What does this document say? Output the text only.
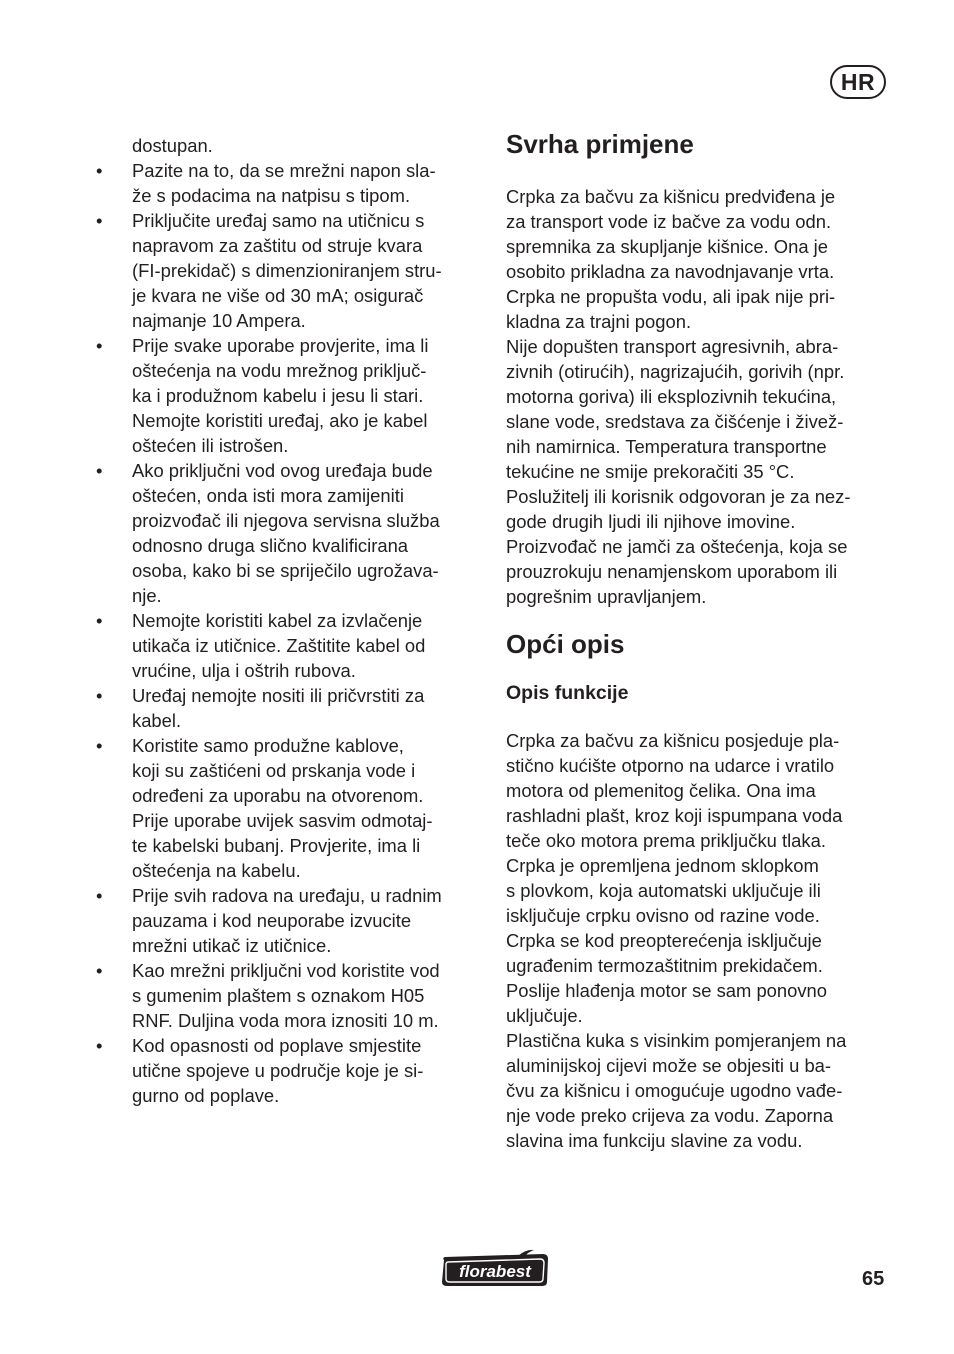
HR
dostupan.
• Pazite na to, da se mrežni napon sla-
že s podacima na natpisu s tipom.
• Priključite uređaj samo na utičnicu s
napravom za zaštitu od struje kvara
(FI-prekidač) s dimenzioniranjem stru-
je kvara ne više od 30 mA; osigurač
najmanje 10 Ampera.
• Prije svake uporabe provjerite, ima li
oštećenja na vodu mrežnog priključ-
ka i produžnom kabelu i jesu li stari.
Nemojte koristiti uređaj, ako je kabel
oštećen ili istrošen.
• Ako priključni vod ovog uređaja bude
oštećen, onda isti mora zamijeniti
proizvođač ili njegova servisna služba
odnosno druga slično kvalificirana
osoba, kako bi se spriječilo ugrožava-
nje.
• Nemojte koristiti kabel za izvlačenje
utikača iz utičnice. Zaštitite kabel od
vrućine, ulja i oštrih rubova.
• Uređaj nemojte nositi ili pričvrstiti za
kabel.
• Koristite samo produžne kablove,
koji su zaštićeni od prskanja vode i
određeni za uporabu na otvorenom.
Prije uporabe uvijek sasvim odmotaj-
te kabelski bubanj. Provjerite, ima li
oštećenja na kabelu.
• Prije svih radova na uređaju, u radnim
pauzama i kod neuporabe izvucite
mrežni utikač iz utičnice.
• Kao mrežni priključni vod koristite vod
s gumenim plaštem s oznakom H05
RNF. Duljina voda mora iznositi 10 m.
• Kod opasnosti od poplave smjestite
utične spojeve u područje koje je si-
gurno od poplave.
Svrha primjene

Crpka za bačvu za kišnicu predviđena je
za transport vode iz bačve za vodu odn.
spremnika za skupljanje kišnice. Ona je
osobito prikladna za navodnjavanje vrta.
Crpka ne propušta vodu, ali ipak nije pri-
kladna za trajni pogon.

Nije dopušten transport agresivnih, abra-
zivnih (otirućih), nagrizajućih, gorivih (npr.
motorna goriva) ili eksplozivnih tekućina,
slane vode, sredstava za čišćenje i živež-
nih namirnica. Temperatura transportne
tekućine ne smije prekoračiti 35 °C.

Poslužitelj ili korisnik odgovoran je za nez-
gode drugih ljudi ili njihove imovine.

Proizvođač ne jamči za oštećenja, koja se
prouzrokuju nenamjenskom uporabom ili
pogrešnim upravljanjem.

Opći opis
Opis funkcije

Crpka za bačvu za kišnicu posjeduje pla-
stično kućište otporno na udarce i vratilo
motora od plemenitog čelika. Ona ima
rashladni plašt, kroz koji ispumpana voda
teče oko motora prema priključku tlaka.

Crpka je opremljena jednom sklopkom
s plovkom, koja automatski uključuje ili
isključuje crpku ovisno od razine vode.

Crpka se kod preopterećenja isključuje
ugrađenim termozaštitnim prekidačem.
Poslije hlađenja motor se sam ponovno
uključuje.

Plastična kuka s visinkim pomjeranjem na
aluminijskoj cijevi može se objesiti u ba-
čvu za kišnicu i omogućuje ugodno vađe-
nje vode preko crijeva za vodu. Zaporna
slavina ima funkciju slavine za vodu.

florabest	65
